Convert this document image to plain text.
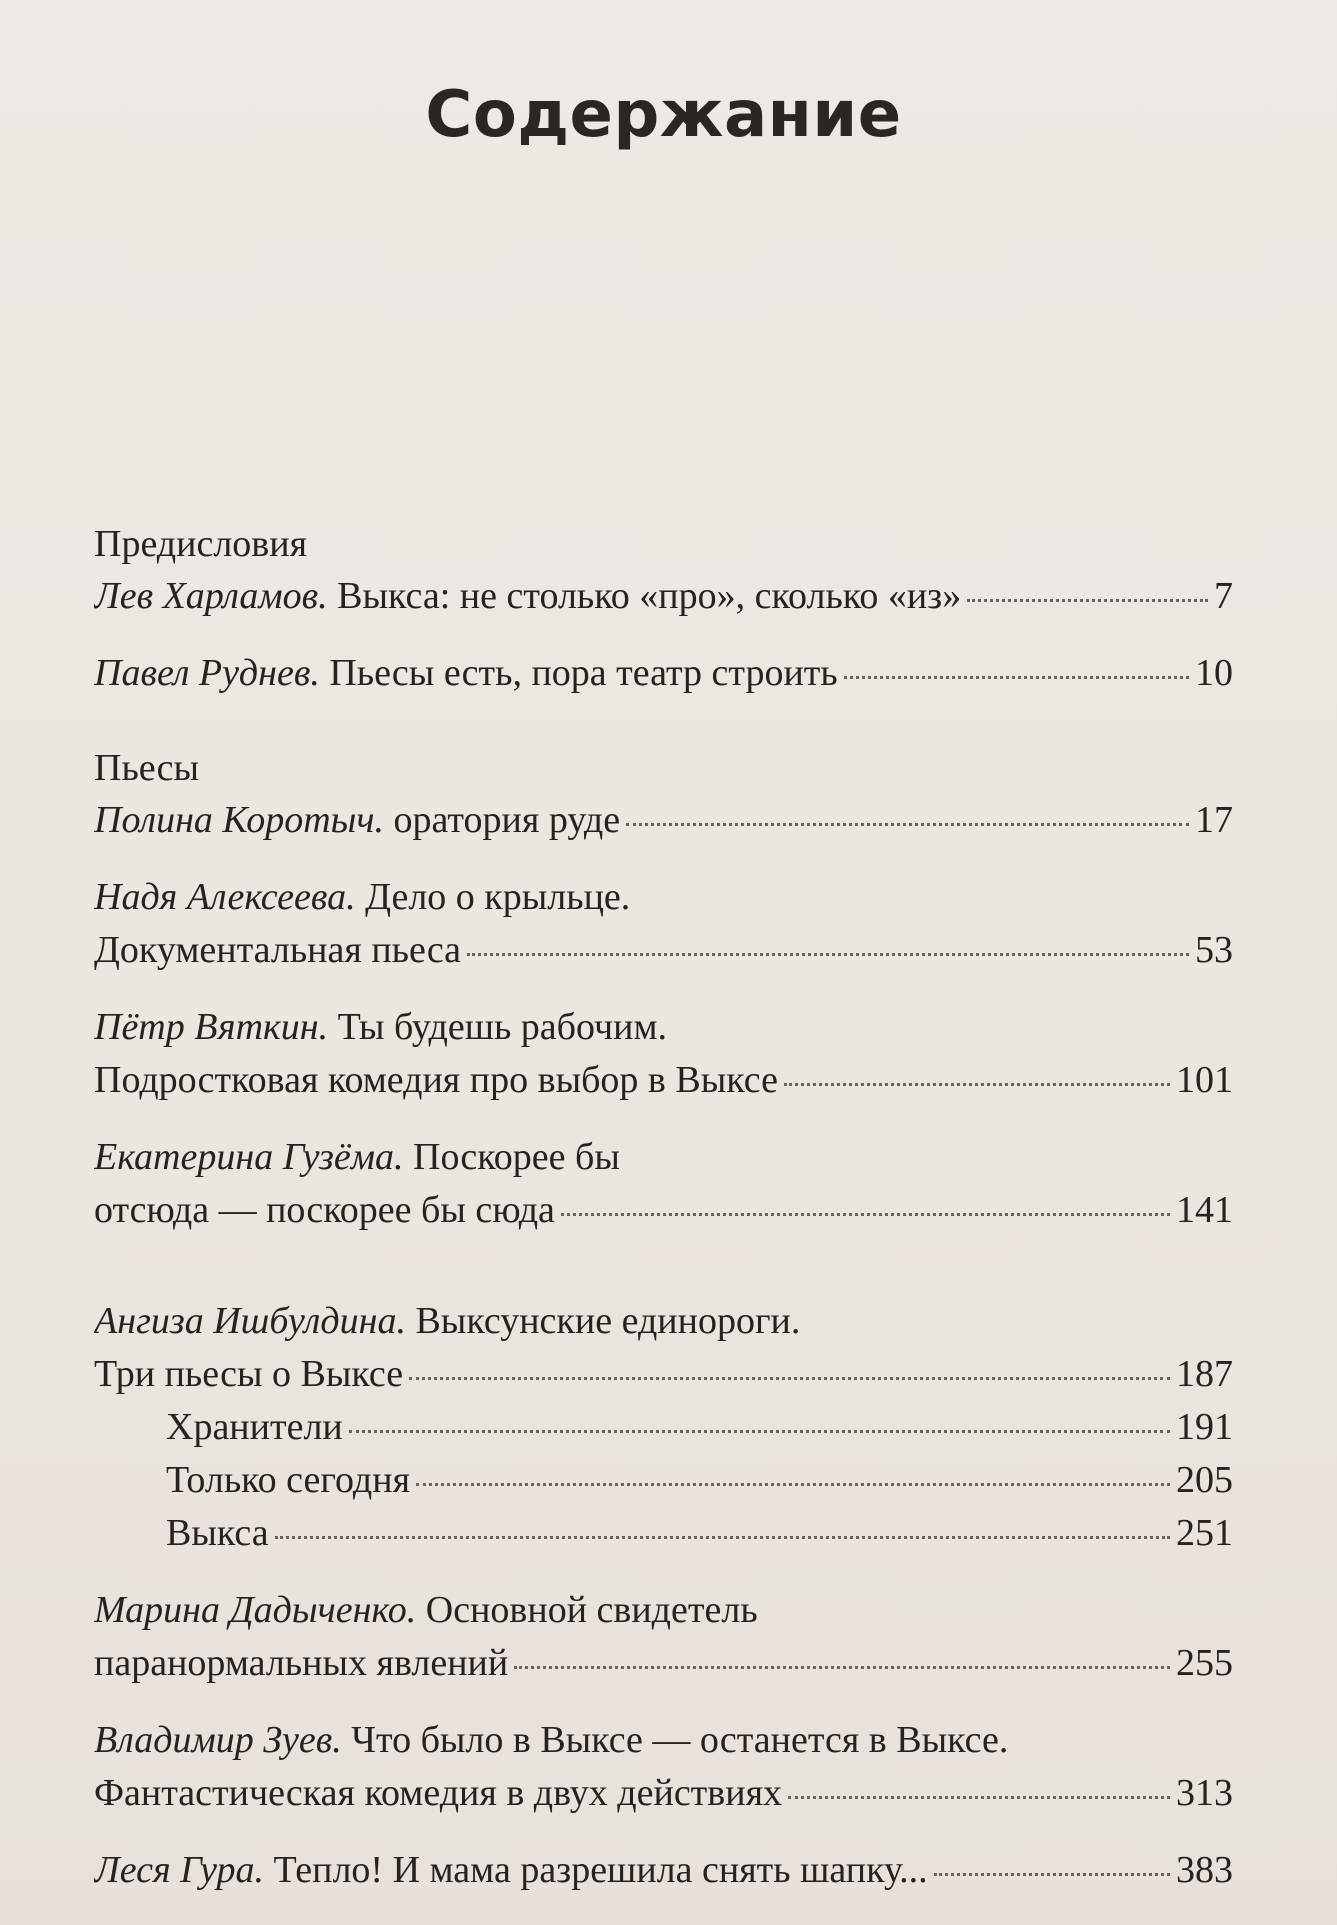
Содержание
Предисловия
Лев Харламов. Выкса: не столько «про», сколько «из»	7
Павел Руднев. Пьесы есть, пора театр строить	10
Пьесы
Полина Коротыч. оратория руде	17
Надя Алексеева. Дело о крыльце.
Документальная пьеса	53
Пётр Вяткин. Ты будешь рабочим.
Подростковая комедия про выбор в Выксе	101
Екатерина Гузёма. Поскорее бы
отсюда — поскорее бы сюда	141
Ангиза Ишбулдина. Выксунские единороги.
Три пьесы о Выксе	187
Хранители	191
Только сегодня	205
Выкса	251
Марина Дадыченко. Основной свидетель
паранормальных явлений	255
Владимир Зуев. Что было в Выксе — останется в Выксе.
Фантастическая комедия в двух действиях	313
Леся Гура. Тепло! И мама разрешила снять шапку...	383
